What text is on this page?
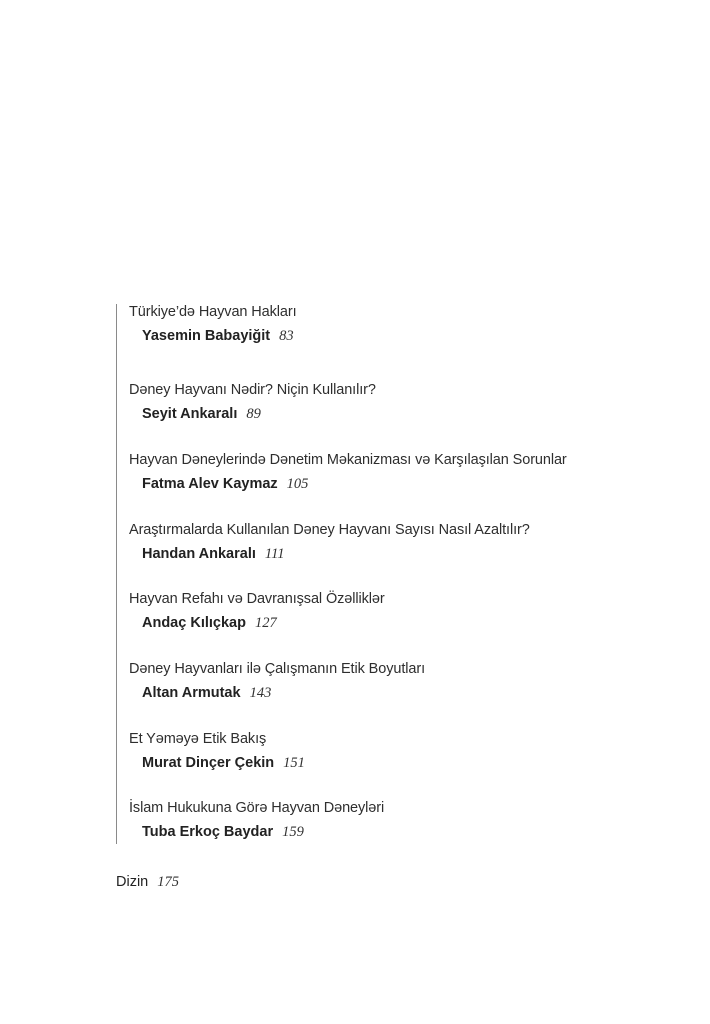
Türkiye’də Hayvan Hakları
Yasemin Babayiğit 83
Dəney Hayvanı Nədir? Niçin Kullanılır?
Seyit Ankaralı 89
Hayvan Dəneylerində Dənetim Məkanizması və Karşılaşılan Sorunlar
Fatma Alev Kaymaz 105
Araştırmalarda Kullanılan Dəney Hayvanı Sayısı Nasıl Azaltılır?
Handan Ankaralı 111
Hayvan Refahı və Davranışsal Özəlliklər
Andaç Kılıçkap 127
Dəney Hayvanları ilə Çalışmanın Etik Boyutları
Altan Armutak 143
Et Yəməyə Etik Bakış
Murat Dinçer Çekin 151
İslam Hukukuna Görə Hayvan Dəneyləri
Tuba Erkoç Baydar 159
Dizin 175
